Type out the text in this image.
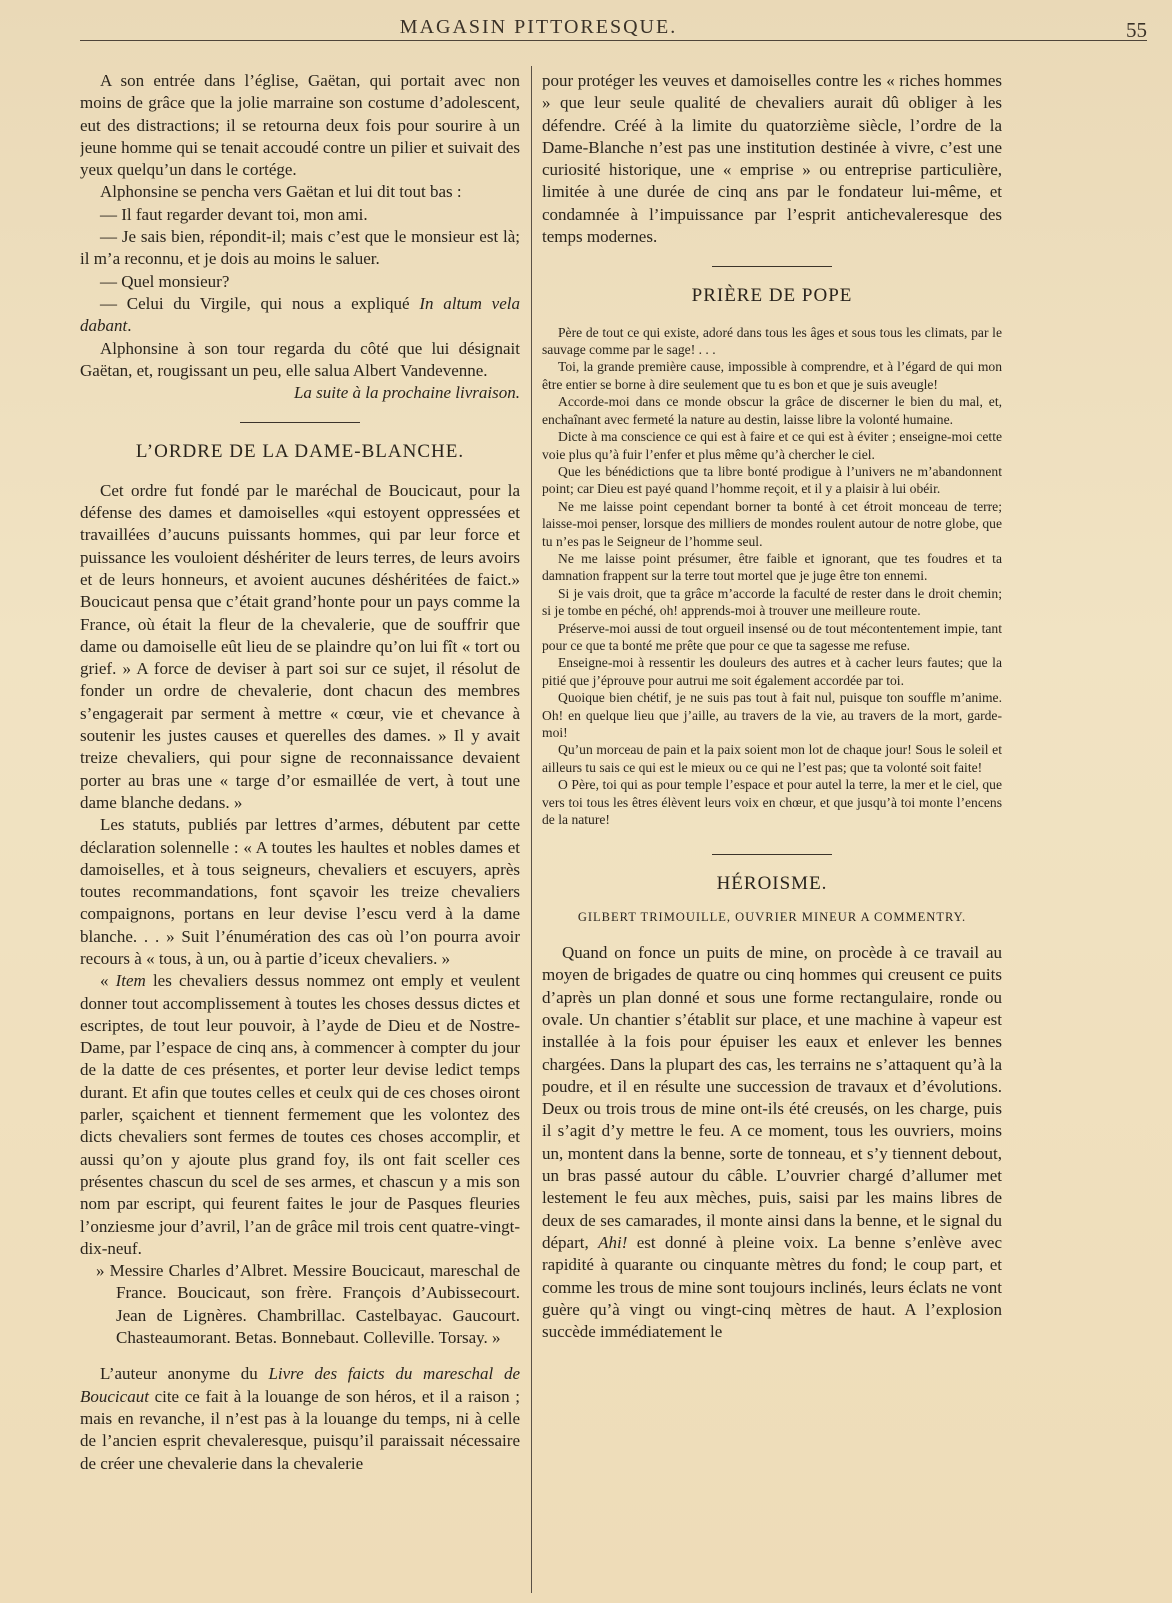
MAGASIN PITTORESQUE.	55

A son entrée dans l’église, Gaëtan, qui portait avec non moins de grâce que la jolie marraine son costume d’adolescent, eut des distractions; il se retourna deux fois pour sourire à un jeune homme qui se tenait accoudé contre un pilier et suivait des yeux quelqu’un dans le cortége.

Alphonsine se pencha vers Gaëtan et lui dit tout bas :

— Il faut regarder devant toi, mon ami.

— Je sais bien, répondit-il; mais c’est que le monsieur est là; il m’a reconnu, et je dois au moins le saluer.

— Quel monsieur?

— Celui du Virgile, qui nous a expliqué In altum vela dabant.

Alphonsine à son tour regarda du côté que lui désignait Gaëtan, et, rougissant un peu, elle salua Albert Vandevenne.

La suite à la prochaine livraison.

L’ORDRE DE LA DAME-BLANCHE.

Cet ordre fut fondé par le maréchal de Boucicaut, pour la défense des dames et damoiselles «qui estoyent oppressées et travaillées d’aucuns puissants hommes, qui par leur force et puissance les vouloient déshériter de leurs terres, de leurs avoirs et de leurs honneurs, et avoient aucunes déshéritées de faict.» Boucicaut pensa que c’était grand’honte pour un pays comme la France, où était la fleur de la chevalerie, que de souffrir que dame ou damoiselle eût lieu de se plaindre qu’on lui fît « tort ou grief. » A force de deviser à part soi sur ce sujet, il résolut de fonder un ordre de chevalerie, dont chacun des membres s’engagerait par serment à mettre « cœur, vie et chevance à soutenir les justes causes et querelles des dames. » Il y avait treize chevaliers, qui pour signe de reconnaissance devaient porter au bras une « targe d’or esmaillée de vert, à tout une dame blanche dedans. »

Les statuts, publiés par lettres d’armes, débutent par cette déclaration solennelle : « A toutes les haultes et nobles dames et damoiselles, et à tous seigneurs, chevaliers et escuyers, après toutes recommandations, font sçavoir les treize chevaliers compaignons, portans en leur devise l’escu verd à la dame blanche. . . » Suit l’énumération des cas où l’on pourra avoir recours à « tous, à un, ou à partie d’iceux chevaliers. »

« Item les chevaliers dessus nommez ont emply et veulent donner tout accomplissement à toutes les choses dessus dictes et escriptes, de tout leur pouvoir, à l’ayde de Dieu et de Nostre-Dame, par l’espace de cinq ans, à commencer à compter du jour de la datte de ces présentes, et porter leur devise ledict temps durant. Et afin que toutes celles et ceulx qui de ces choses oiront parler, sçaichent et tiennent fermement que les volontez des dicts chevaliers sont fermes de toutes ces choses accomplir, et aussi qu’on y ajoute plus grand foy, ils ont fait sceller ces présentes chascun du scel de ses armes, et chascun y a mis son nom par escript, qui feurent faites le jour de Pasques fleuries l’onziesme jour d’avril, l’an de grâce mil trois cent quatre-vingt-dix-neuf.

» Messire Charles d’Albret. Messire Boucicaut, mareschal de France. Boucicaut, son frère. François d’Aubissecourt. Jean de Lignères. Chambrillac. Castelbayac. Gaucourt. Chasteaumorant. Betas. Bonnebaut. Colleville. Torsay. »

L’auteur anonyme du Livre des faicts du mareschal de Boucicaut cite ce fait à la louange de son héros, et il a raison ; mais en revanche, il n’est pas à la louange du temps, ni à celle de l’ancien esprit chevaleresque, puisqu’il paraissait nécessaire de créer une chevalerie dans la chevalerie

pour protéger les veuves et damoiselles contre les « riches hommes » que leur seule qualité de chevaliers aurait dû obliger à les défendre. Créé à la limite du quatorzième siècle, l’ordre de la Dame-Blanche n’est pas une institution destinée à vivre, c’est une curiosité historique, une « emprise » ou entreprise particulière, limitée à une durée de cinq ans par le fondateur lui-même, et condamnée à l’impuissance par l’esprit antichevaleresque des temps modernes.

PRIÈRE DE POPE

Père de tout ce qui existe, adoré dans tous les âges et sous tous les climats, par le sauvage comme par le sage! . . .

Toi, la grande première cause, impossible à comprendre, et à l’égard de qui mon être entier se borne à dire seulement que tu es bon et que je suis aveugle!

Accorde-moi dans ce monde obscur la grâce de discerner le bien du mal, et, enchaînant avec fermeté la nature au destin, laisse libre la volonté humaine.

Dicte à ma conscience ce qui est à faire et ce qui est à éviter ; enseigne-moi cette voie plus qu’à fuir l’enfer et plus même qu’à chercher le ciel.

Que les bénédictions que ta libre bonté prodigue à l’univers ne m’abandonnent point; car Dieu est payé quand l’homme reçoit, et il y a plaisir à lui obéir.

Ne me laisse point cependant borner ta bonté à cet étroit monceau de terre; laisse-moi penser, lorsque des milliers de mondes roulent autour de notre globe, que tu n’es pas le Seigneur de l’homme seul.

Ne me laisse point présumer, être faible et ignorant, que tes foudres et ta damnation frappent sur la terre tout mortel que je juge être ton ennemi.

Si je vais droit, que ta grâce m’accorde la faculté de rester dans le droit chemin; si je tombe en péché, oh! apprends-moi à trouver une meilleure route.

Préserve-moi aussi de tout orgueil insensé ou de tout mécontentement impie, tant pour ce que ta bonté me prête que pour ce que ta sagesse me refuse.

Enseigne-moi à ressentir les douleurs des autres et à cacher leurs fautes; que la pitié que j’éprouve pour autrui me soit également accordée par toi.

Quoique bien chétif, je ne suis pas tout à fait nul, puisque ton souffle m’anime. Oh! en quelque lieu que j’aille, au travers de la vie, au travers de la mort, garde-moi!

Qu’un morceau de pain et la paix soient mon lot de chaque jour! Sous le soleil et ailleurs tu sais ce qui est le mieux ou ce qui ne l’est pas; que ta volonté soit faite!

O Père, toi qui as pour temple l’espace et pour autel la terre, la mer et le ciel, que vers toi tous les êtres élèvent leurs voix en chœur, et que jusqu’à toi monte l’encens de la nature!

HÉROISME.
GILBERT TRIMOUILLE, OUVRIER MINEUR A COMMENTRY.

Quand on fonce un puits de mine, on procède à ce travail au moyen de brigades de quatre ou cinq hommes qui creusent ce puits d’après un plan donné et sous une forme rectangulaire, ronde ou ovale. Un chantier s’établit sur place, et une machine à vapeur est installée à la fois pour épuiser les eaux et enlever les bennes chargées. Dans la plupart des cas, les terrains ne s’attaquent qu’à la poudre, et il en résulte une succession de travaux et d’évolutions. Deux ou trois trous de mine ont-ils été creusés, on les charge, puis il s’agit d’y mettre le feu. A ce moment, tous les ouvriers, moins un, montent dans la benne, sorte de tonneau, et s’y tiennent debout, un bras passé autour du câble. L’ouvrier chargé d’allumer met lestement le feu aux mèches, puis, saisi par les mains libres de deux de ses camarades, il monte ainsi dans la benne, et le signal du départ, Ahi! est donné à pleine voix. La benne s’enlève avec rapidité à quarante ou cinquante mètres du fond; le coup part, et comme les trous de mine sont toujours inclinés, leurs éclats ne vont guère qu’à vingt ou vingt-cinq mètres de haut. A l’explosion succède immédiatement le
